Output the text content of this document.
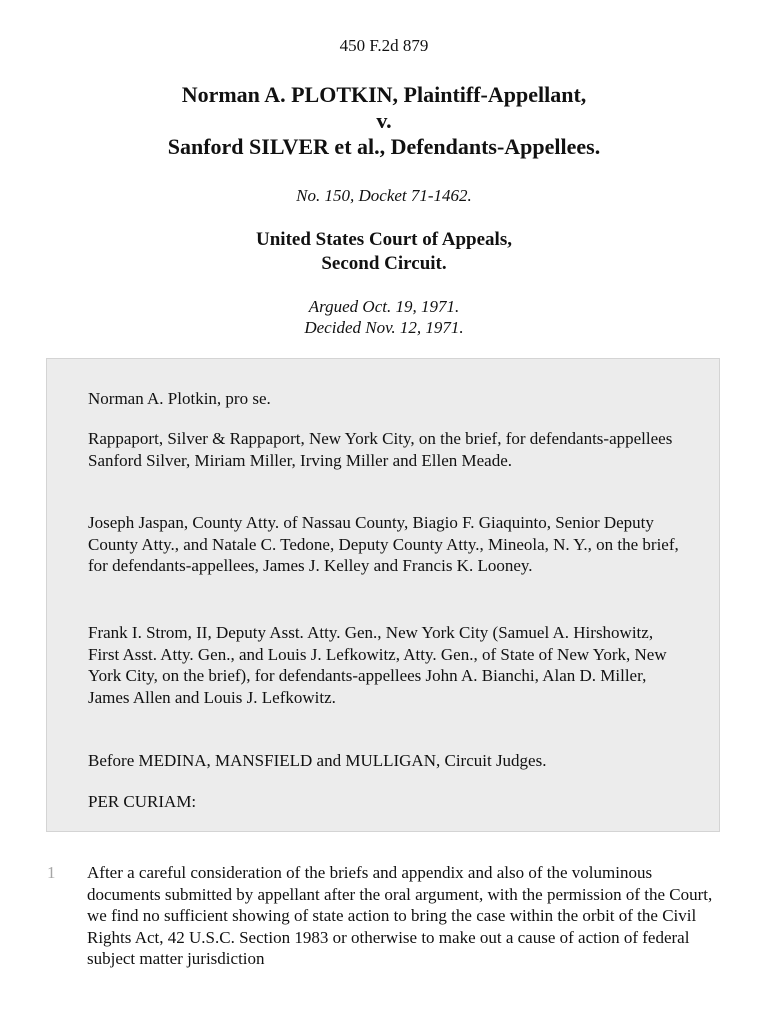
450 F.2d 879
Norman A. PLOTKIN, Plaintiff-Appellant,
v.
Sanford SILVER et al., Defendants-Appellees.
No. 150, Docket 71-1462.
United States Court of Appeals,
Second Circuit.
Argued Oct. 19, 1971.
Decided Nov. 12, 1971.

Norman A. Plotkin, pro se.

Rappaport, Silver & Rappaport, New York City, on the brief, for defendants-appellees Sanford Silver, Miriam Miller, Irving Miller and Ellen Meade.

Joseph Jaspan, County Atty. of Nassau County, Biagio F. Giaquinto, Senior Deputy County Atty., and Natale C. Tedone, Deputy County Atty., Mineola, N. Y., on the brief, for defendants-appellees, James J. Kelley and Francis K. Looney.

Frank I. Strom, II, Deputy Asst. Atty. Gen., New York City (Samuel A. Hirshowitz, First Asst. Atty. Gen., and Louis J. Lefkowitz, Atty. Gen., of State of New York, New York City, on the brief), for defendants-appellees John A. Bianchi, Alan D. Miller, James Allen and Louis J. Lefkowitz.

Before MEDINA, MANSFIELD and MULLIGAN, Circuit Judges.

PER CURIAM:

1 After a careful consideration of the briefs and appendix and also of the voluminous documents submitted by appellant after the oral argument, with the permission of the Court, we find no sufficient showing of state action to bring the case within the orbit of the Civil Rights Act, 42 U.S.C. Section 1983 or otherwise to make out a cause of action of federal subject matter jurisdiction
